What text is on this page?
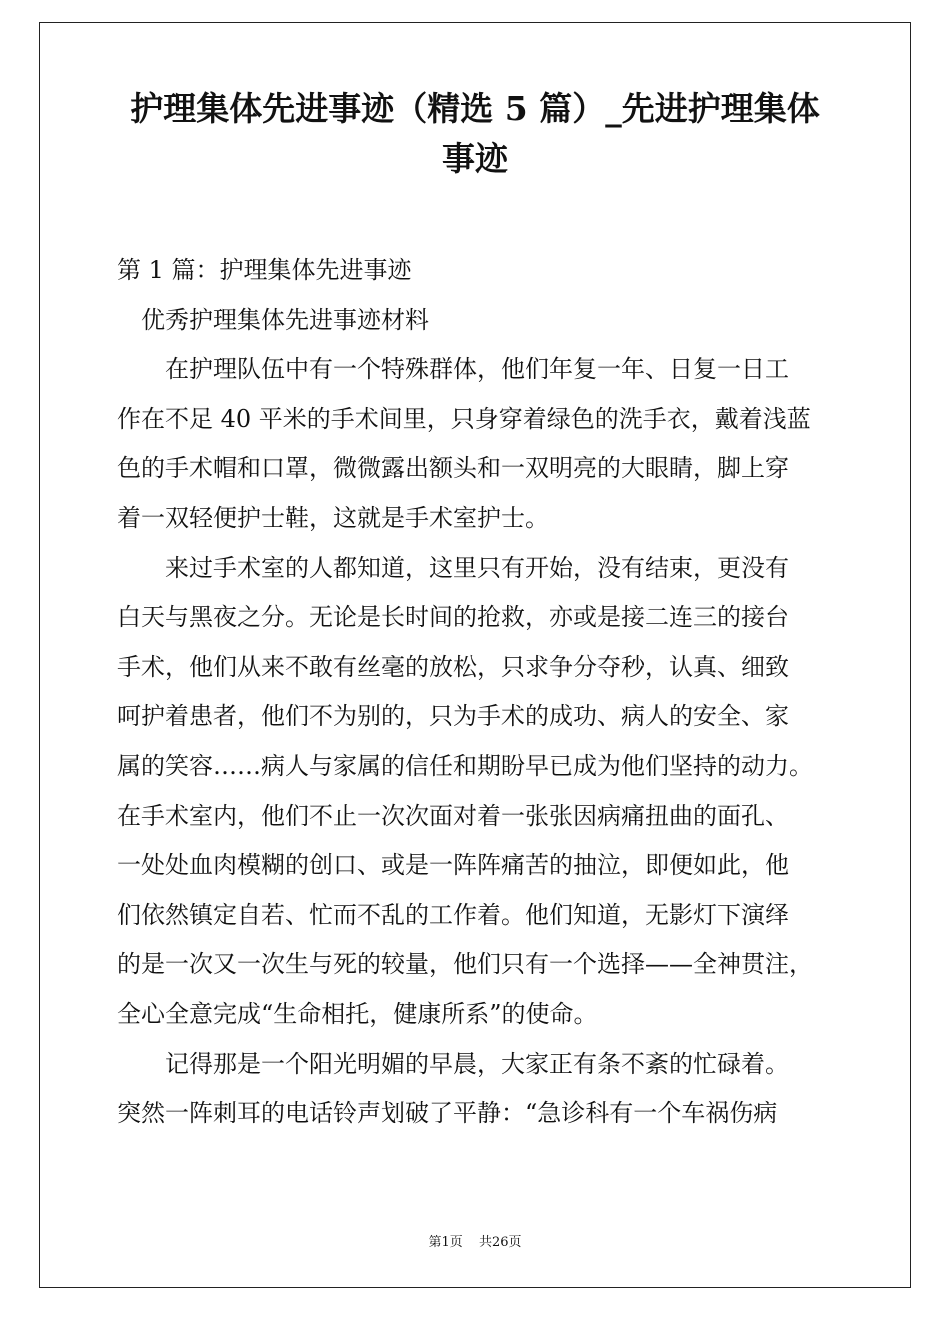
护理集体先进事迹（精选 5 篇）_先进护理集体
事迹
第 1 篇：护理集体先进事迹
优秀护理集体先进事迹材料
在护理队伍中有一个特殊群体，他们年复一年、日复一日工
作在不足 40 平米的手术间里，只身穿着绿色的洗手衣，戴着浅蓝
色的手术帽和口罩，微微露出额头和一双明亮的大眼睛，脚上穿
着一双轻便护士鞋，这就是手术室护士。
来过手术室的人都知道，这里只有开始，没有结束，更没有
白天与黑夜之分。无论是长时间的抢救，亦或是接二连三的接台
手术，他们从来不敢有丝毫的放松，只求争分夺秒，认真、细致
呵护着患者，他们不为别的，只为手术的成功、病人的安全、家
属的笑容……病人与家属的信任和期盼早已成为他们坚持的动力。
在手术室内，他们不止一次次面对着一张张因病痛扭曲的面孔、
一处处血肉模糊的创口、或是一阵阵痛苦的抽泣，即便如此，他
们依然镇定自若、忙而不乱的工作着。他们知道，无影灯下演绎
的是一次又一次生与死的较量，他们只有一个选择——全神贯注，
全心全意完成“生命相托，健康所系”的使命。
记得那是一个阳光明媚的早晨，大家正有条不紊的忙碌着。
突然一阵刺耳的电话铃声划破了平静：“急诊科有一个车祸伤病
第1页 共26页
